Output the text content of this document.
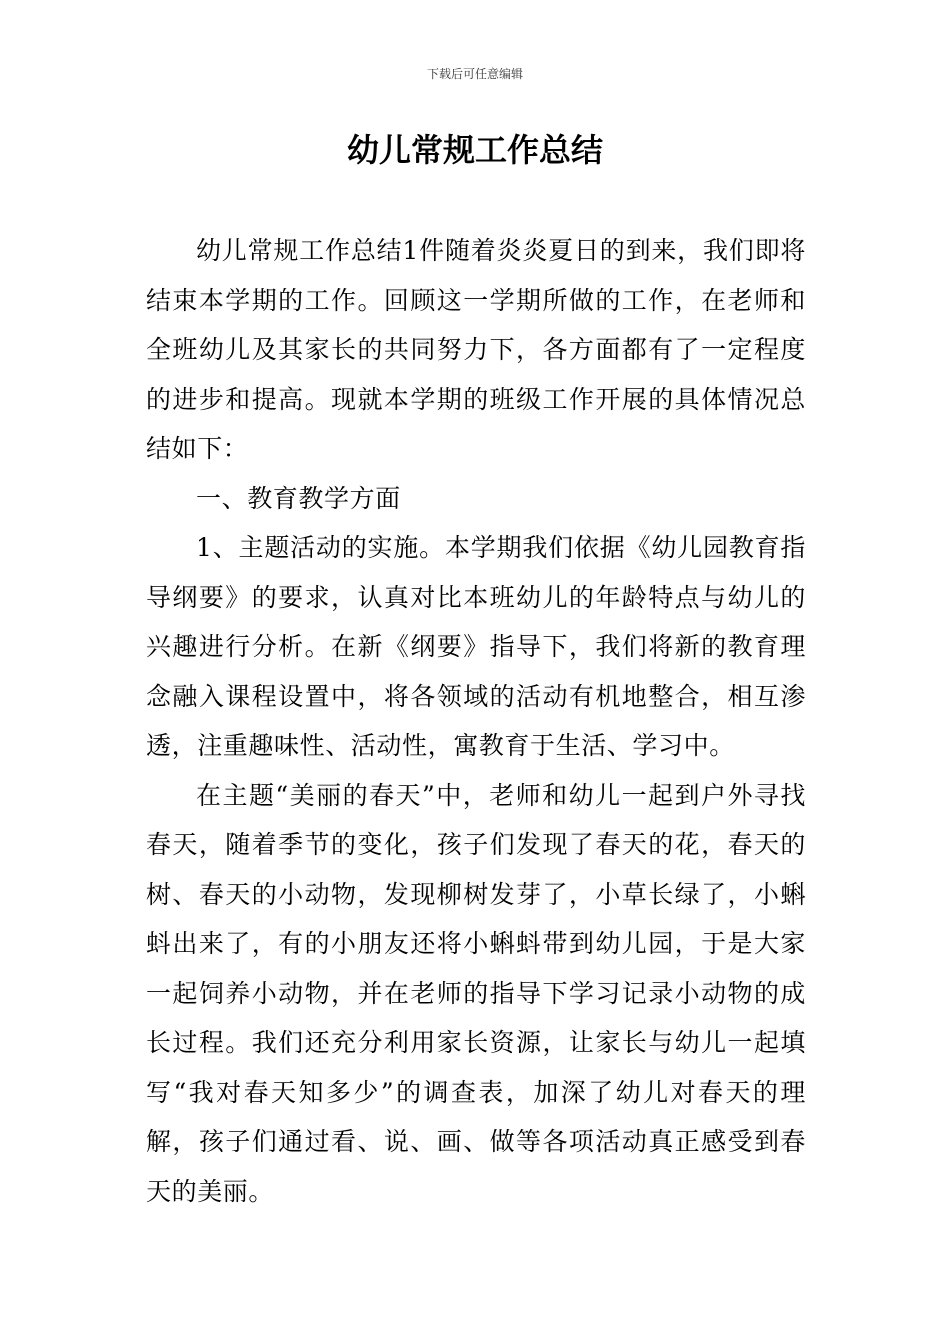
下载后可任意编辑
幼儿常规工作总结

幼儿常规工作总结1件随着炎炎夏日的到来，我们即将结束本学期的工作。回顾这一学期所做的工作，在老师和全班幼儿及其家长的共同努力下，各方面都有了一定程度的进步和提高。现就本学期的班级工作开展的具体情况总结如下：

一、教育教学方面

1、主题活动的实施。本学期我们依据《幼儿园教育指导纲要》的要求，认真对比本班幼儿的年龄特点与幼儿的兴趣进行分析。在新《纲要》指导下，我们将新的教育理念融入课程设置中，将各领域的活动有机地整合，相互渗透，注重趣味性、活动性，寓教育于生活、学习中。

在主题“美丽的春天”中，老师和幼儿一起到户外寻找春天，随着季节的变化，孩子们发现了春天的花，春天的树、春天的小动物，发现柳树发芽了，小草长绿了，小蝌蚪出来了，有的小朋友还将小蝌蚪带到幼儿园，于是大家一起饲养小动物，并在老师的指导下学习记录小动物的成长过程。我们还充分利用家长资源，让家长与幼儿一起填写“我对春天知多少”的调查表，加深了幼儿对春天的理解，孩子们通过看、说、画、做等各项活动真正感受到春天的美丽。
